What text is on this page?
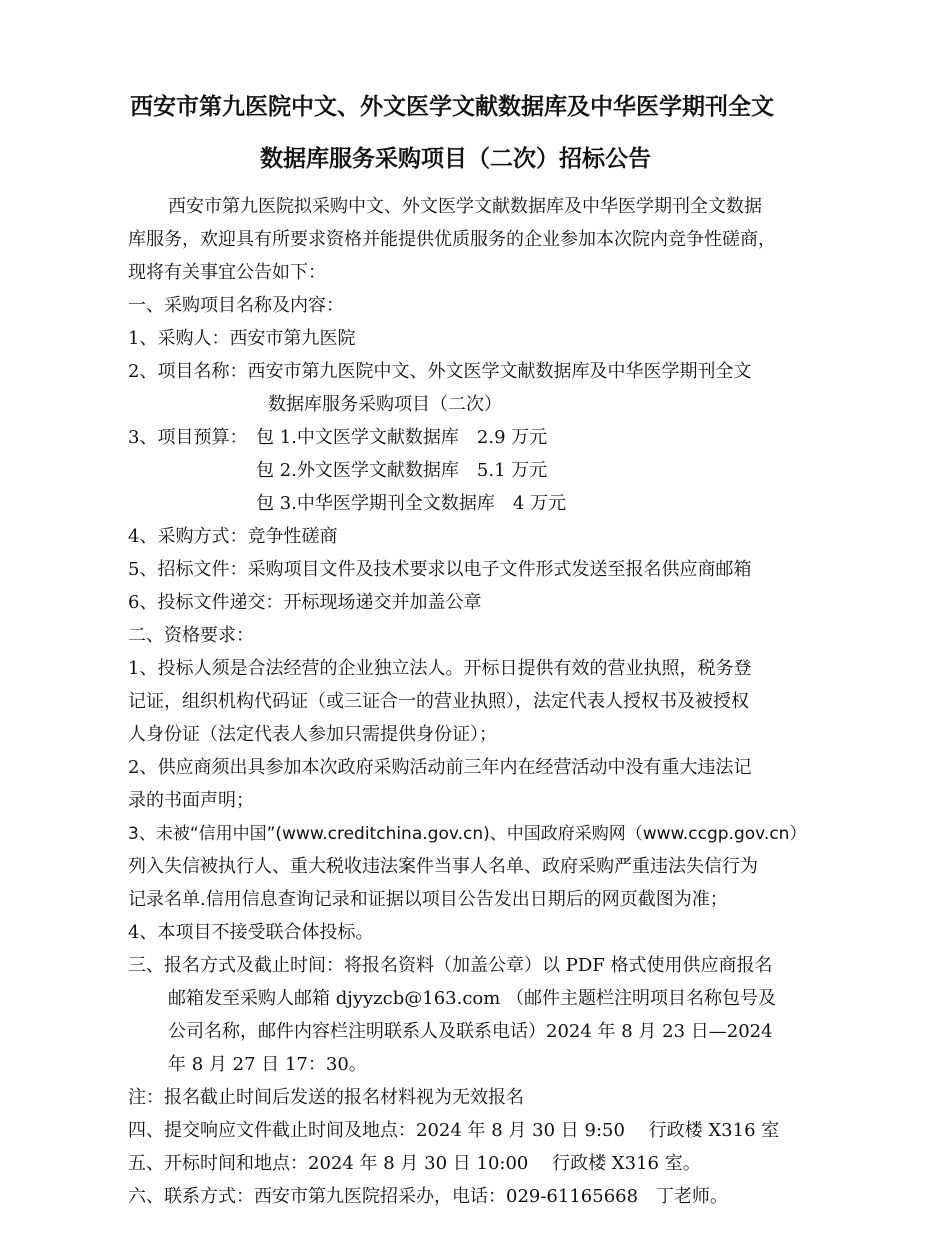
西安市第九医院中文、外文医学文献数据库及中华医学期刊全文
数据库服务采购项目（二次）招标公告
西安市第九医院拟采购中文、外文医学文献数据库及中华医学期刊全文数据
库服务，欢迎具有所要求资格并能提供优质服务的企业参加本次院内竞争性磋商，
现将有关事宜公告如下：
一、采购项目名称及内容：
1、采购人：西安市第九医院
2、项目名称：西安市第九医院中文、外文医学文献数据库及中华医学期刊全文
数据库服务采购项目（二次）
3、项目预算： 包 1.中文医学文献数据库 2.9 万元
包 2.外文医学文献数据库 5.1 万元
包 3.中华医学期刊全文数据库 4 万元
4、采购方式：竞争性磋商
5、招标文件：采购项目文件及技术要求以电子文件形式发送至报名供应商邮箱
6、投标文件递交：开标现场递交并加盖公章
二、资格要求：
1、投标人须是合法经营的企业独立法人。开标日提供有效的营业执照，税务登
记证，组织机构代码证（或三证合一的营业执照），法定代表人授权书及被授权
人身份证（法定代表人参加只需提供身份证）；
2、供应商须出具参加本次政府采购活动前三年内在经营活动中没有重大违法记
录的书面声明；
3、未被“信用中国”(www.creditchina.gov.cn)、中国政府采购网（www.ccgp.gov.cn）
列入失信被执行人、重大税收违法案件当事人名单、政府采购严重违法失信行为
记录名单.信用信息查询记录和证据以项目公告发出日期后的网页截图为准；
4、本项目不接受联合体投标。
三、报名方式及截止时间：将报名资料（加盖公章）以 PDF 格式使用供应商报名
邮箱发至采购人邮箱 djyyzcb@163.com （邮件主题栏注明项目名称包号及
公司名称，邮件内容栏注明联系人及联系电话）2024 年 8 月 23 日—2024
年 8 月 27 日 17：30。
注：报名截止时间后发送的报名材料视为无效报名
四、提交响应文件截止时间及地点：2024 年 8 月 30 日 9:50　 行政楼 X316 室
五、开标时间和地点：2024 年 8 月 30 日 10:00　 行政楼 X316 室。
六、联系方式：西安市第九医院招采办，电话：029-61165668　丁老师。
